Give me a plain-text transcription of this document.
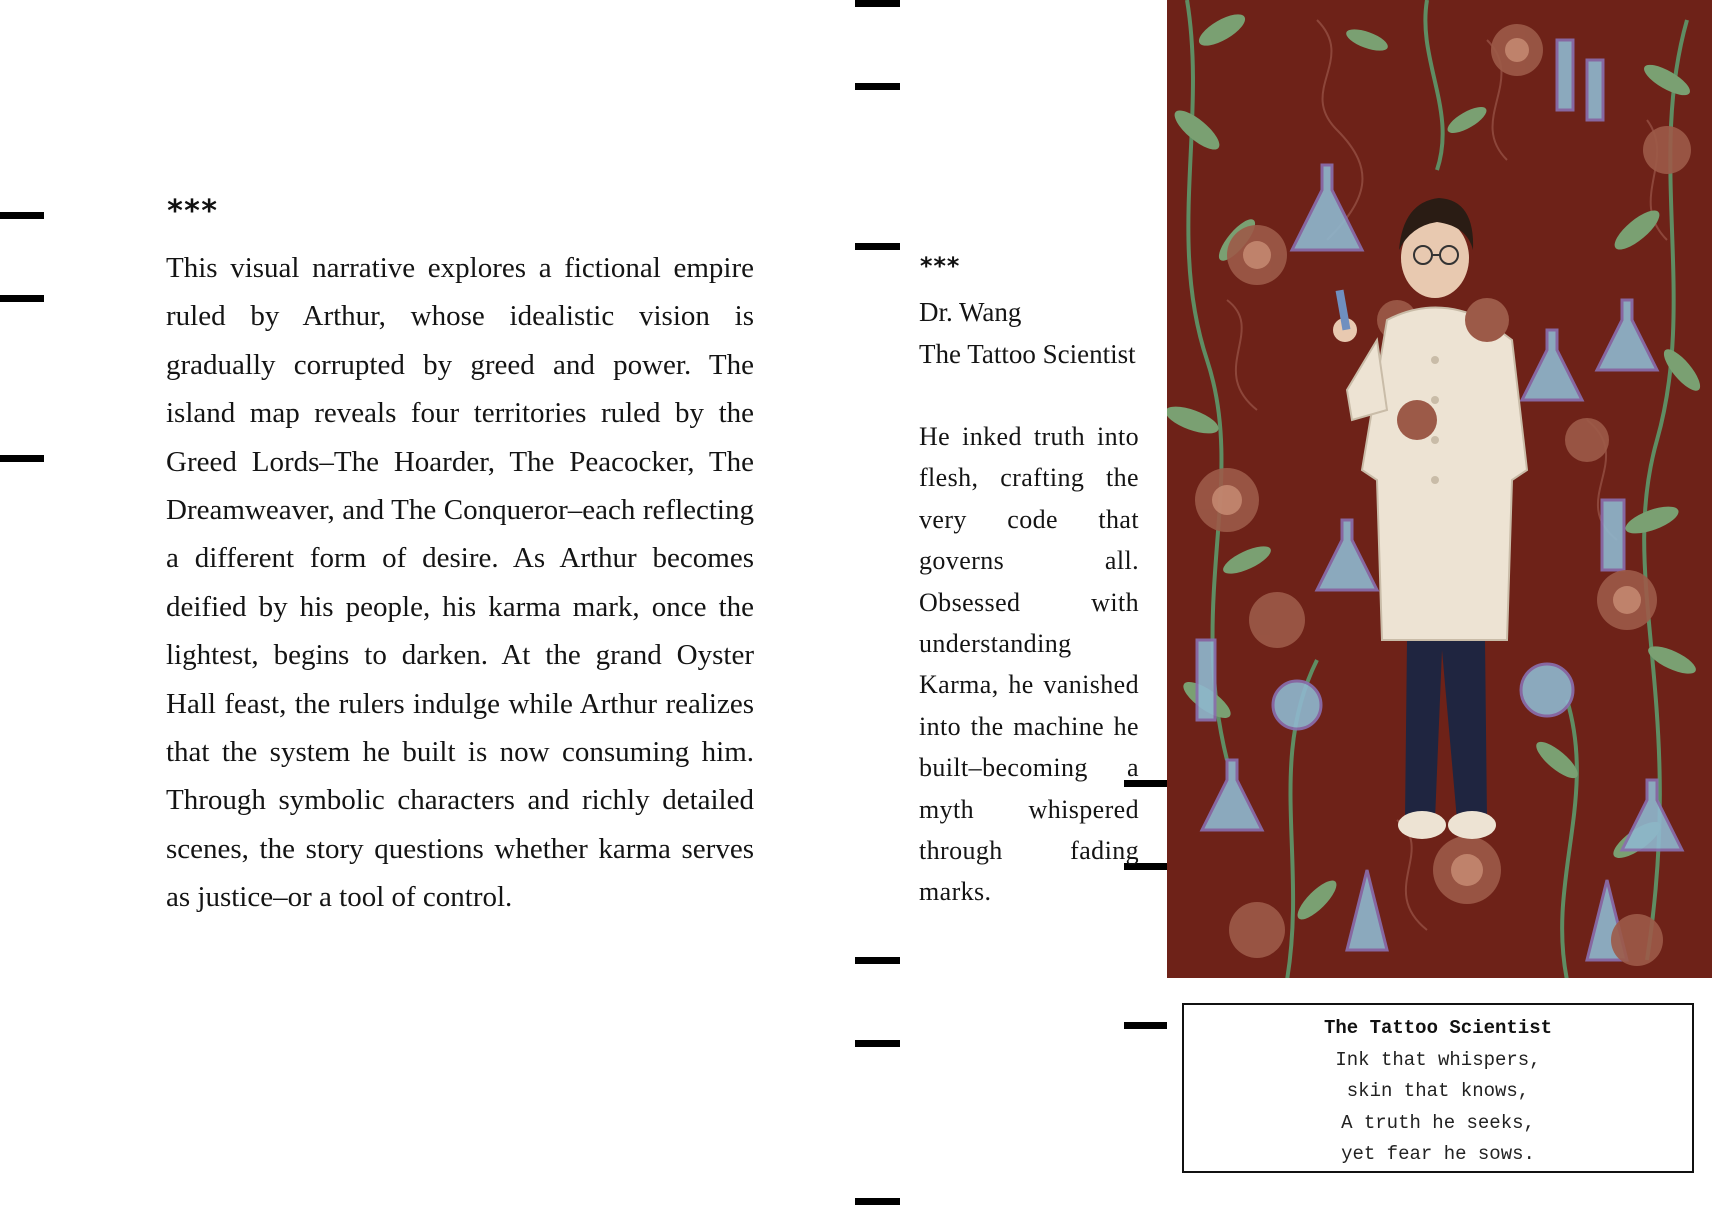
***

This visual narrative explores a fictional empire ruled by Arthur, whose idealistic vision is gradually corrupted by greed and power. The island map reveals four territories ruled by the Greed Lords–The Hoarder, The Peacocker, The Dreamweaver, and The Conqueror–each reflecting a different form of desire. As Arthur becomes deified by his people, his karma mark, once the lightest, begins to darken. At the grand Oyster Hall feast, the rulers indulge while Arthur realizes that the system he built is now consuming him. Through symbolic characters and richly detailed scenes, the story questions whether karma serves as justice–or a tool of control.

***

Dr. Wang

The Tattoo Scientist

He inked truth into flesh, crafting the very code that governs all. Obsessed with understanding Karma, he vanished into the machine he built–becoming a myth whispered through fading marks.

The Tattoo Scientist
Ink that whispers,
skin that knows,
A truth he seeks,
yet fear he sows.
